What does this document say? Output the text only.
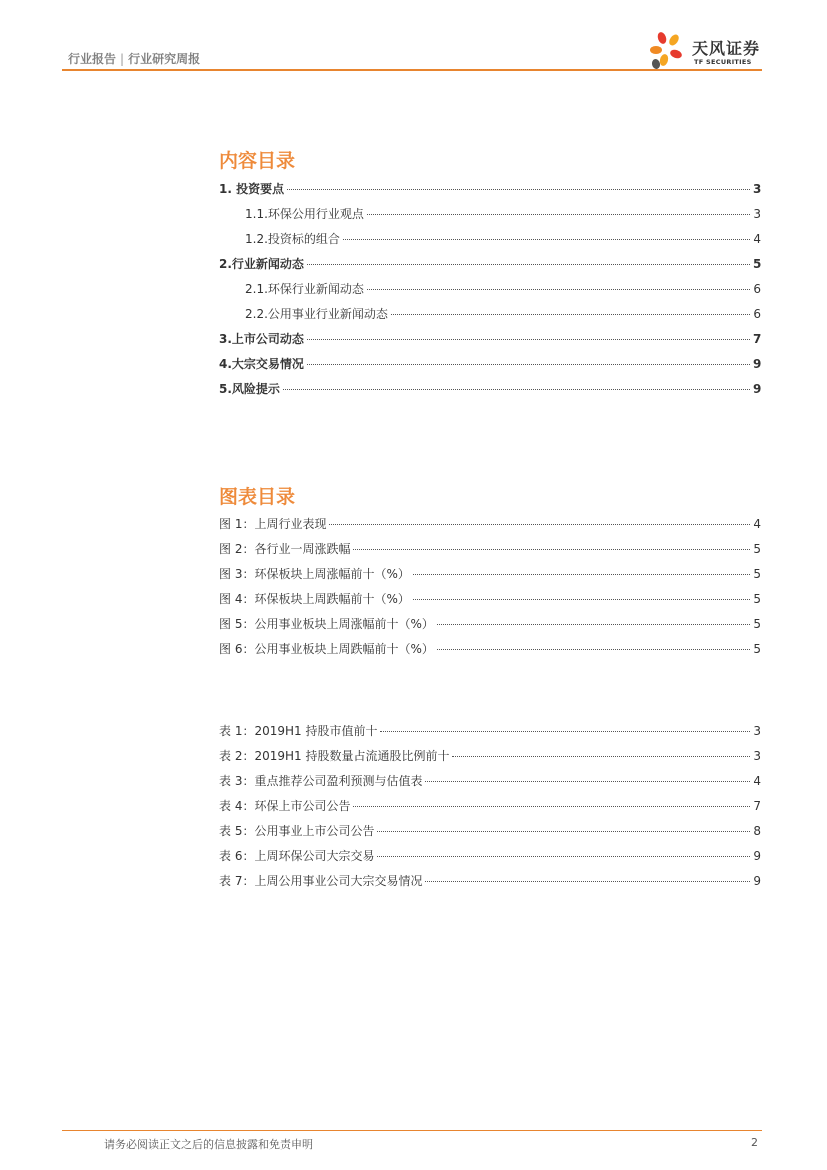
行业报告 | 行业研究周报
天风证券
TF SECURITIES
内容目录
1. 投资要点	3
1.1.环保公用行业观点	3
1.2.投资标的组合	4
2.行业新闻动态	5
2.1.环保行业新闻动态	6
2.2.公用事业行业新闻动态	6
3.上市公司动态	7
4.大宗交易情况	9
5.风险提示	9
图表目录
图 1：上周行业表现	4
图 2：各行业一周涨跌幅	5
图 3：环保板块上周涨幅前十（%）	5
图 4：环保板块上周跌幅前十（%）	5
图 5：公用事业板块上周涨幅前十（%）	5
图 6：公用事业板块上周跌幅前十（%）	5
表 1：2019H1 持股市值前十	3
表 2：2019H1 持股数量占流通股比例前十	3
表 3：重点推荐公司盈利预测与估值表	4
表 4：环保上市公司公告	7
表 5：公用事业上市公司公告	8
表 6：上周环保公司大宗交易	9
表 7：上周公用事业公司大宗交易情况	9
请务必阅读正文之后的信息披露和免责申明	2
